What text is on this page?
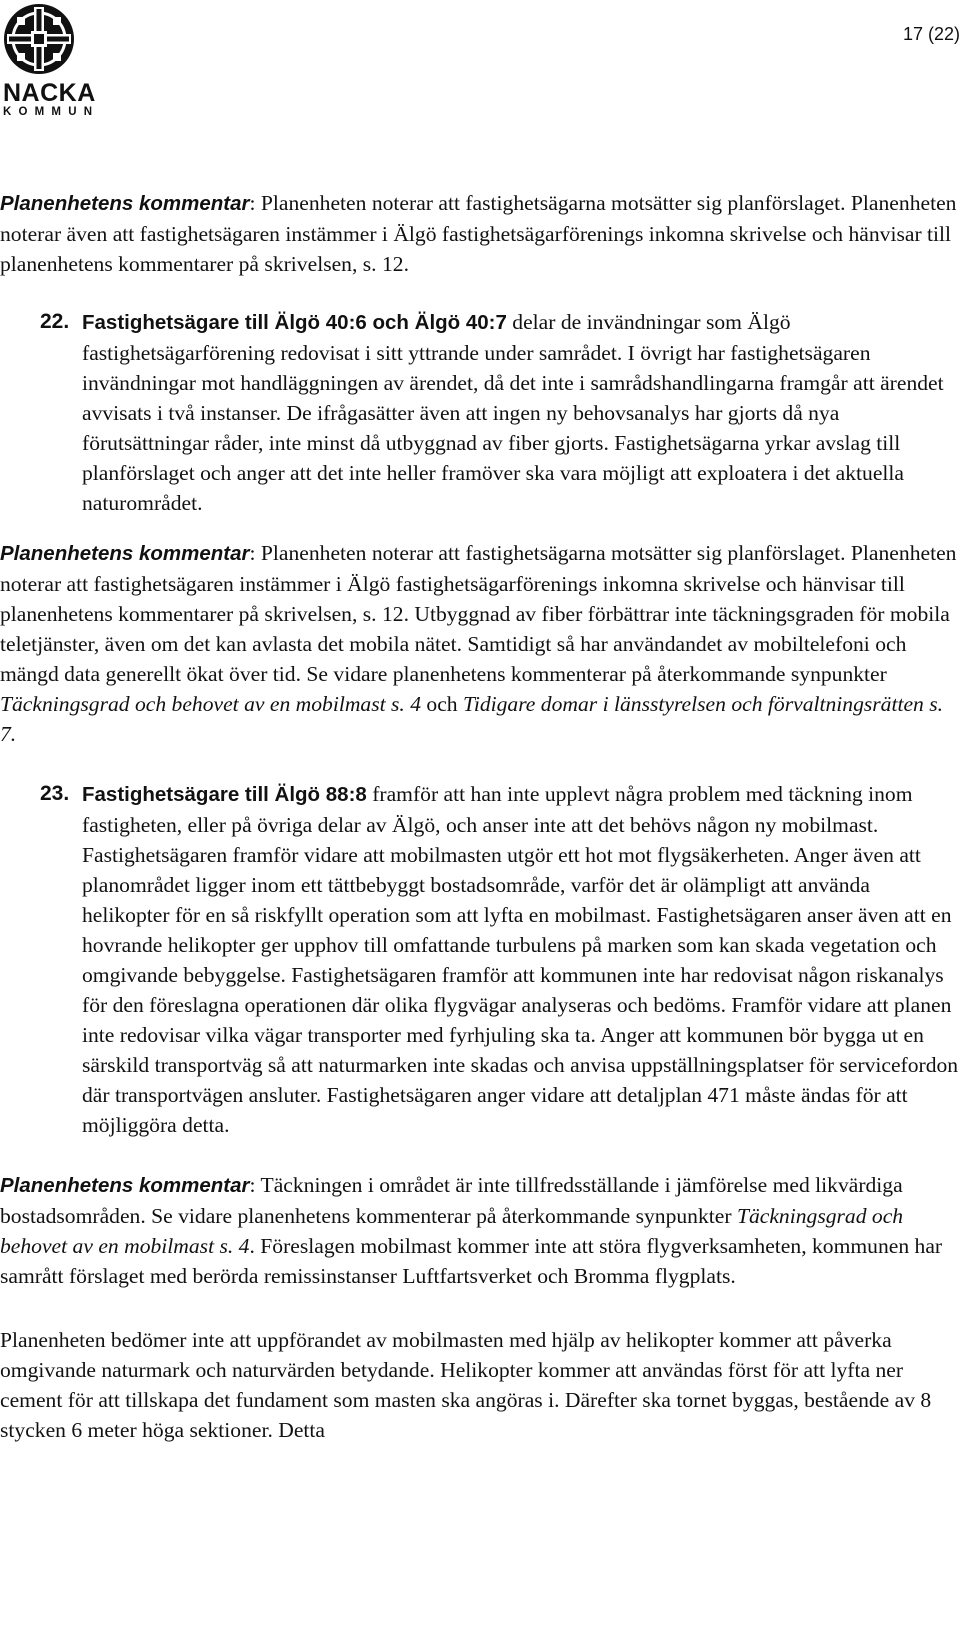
NACKA
KOMMUN
17 (22)

Planenhetens kommentar: Planenheten noterar att fastighetsägarna motsätter sig planförslaget. Planenheten noterar även att fastighetsägaren instämmer i Älgö fastighetsägarförenings inkomna skrivelse och hänvisar till planenhetens kommentarer på skrivelsen, s. 12.

22. Fastighetsägare till Älgö 40:6 och Älgö 40:7 delar de invändningar som Älgö fastighetsägarförening redovisat i sitt yttrande under samrådet. I övrigt har fastighetsägaren invändningar mot handläggningen av ärendet, då det inte i samrådshandlingarna framgår att ärendet avvisats i två instanser. De ifrågasätter även att ingen ny behovsanalys har gjorts då nya förutsättningar råder, inte minst då utbyggnad av fiber gjorts. Fastighetsägarna yrkar avslag till planförslaget och anger att det inte heller framöver ska vara möjligt att exploatera i det aktuella naturområdet.

Planenhetens kommentar: Planenheten noterar att fastighetsägarna motsätter sig planförslaget. Planenheten noterar att fastighetsägaren instämmer i Älgö fastighetsägarförenings inkomna skrivelse och hänvisar till planenhetens kommentarer på skrivelsen, s. 12. Utbyggnad av fiber förbättrar inte täckningsgraden för mobila teletjänster, även om det kan avlasta det mobila nätet. Samtidigt så har användandet av mobiltelefoni och mängd data generellt ökat över tid. Se vidare planenhetens kommenterar på återkommande synpunkter Täckningsgrad och behovet av en mobilmast s. 4 och Tidigare domar i länsstyrelsen och förvaltningsrätten s. 7.

23. Fastighetsägare till Älgö 88:8 framför att han inte upplevt några problem med täckning inom fastigheten, eller på övriga delar av Älgö, och anser inte att det behövs någon ny mobilmast. Fastighetsägaren framför vidare att mobilmasten utgör ett hot mot flygsäkerheten. Anger även att planområdet ligger inom ett tättbebyggt bostadsområde, varför det är olämpligt att använda helikopter för en så riskfyllt operation som att lyfta en mobilmast. Fastighetsägaren anser även att en hovrande helikopter ger upphov till omfattande turbulens på marken som kan skada vegetation och omgivande bebyggelse. Fastighetsägaren framför att kommunen inte har redovisat någon riskanalys för den föreslagna operationen där olika flygvägar analyseras och bedöms. Framför vidare att planen inte redovisar vilka vägar transporter med fyrhjuling ska ta. Anger att kommunen bör bygga ut en särskild transportväg så att naturmarken inte skadas och anvisa uppställningsplatser för servicefordon där transportvägen ansluter. Fastighetsägaren anger vidare att detaljplan 471 måste ändas för att möjliggöra detta.

Planenhetens kommentar: Täckningen i området är inte tillfredsställande i jämförelse med likvärdiga bostadsområden. Se vidare planenhetens kommenterar på återkommande synpunkter Täckningsgrad och behovet av en mobilmast s. 4. Föreslagen mobilmast kommer inte att störa flygverksamheten, kommunen har samrått förslaget med berörda remissinstanser Luftfartsverket och Bromma flygplats.

Planenheten bedömer inte att uppförandet av mobilmasten med hjälp av helikopter kommer att påverka omgivande naturmark och naturvärden betydande. Helikopter kommer att användas först för att lyfta ner cement för att tillskapa det fundament som masten ska angöras i. Därefter ska tornet byggas, bestående av 8 stycken 6 meter höga sektioner. Detta
